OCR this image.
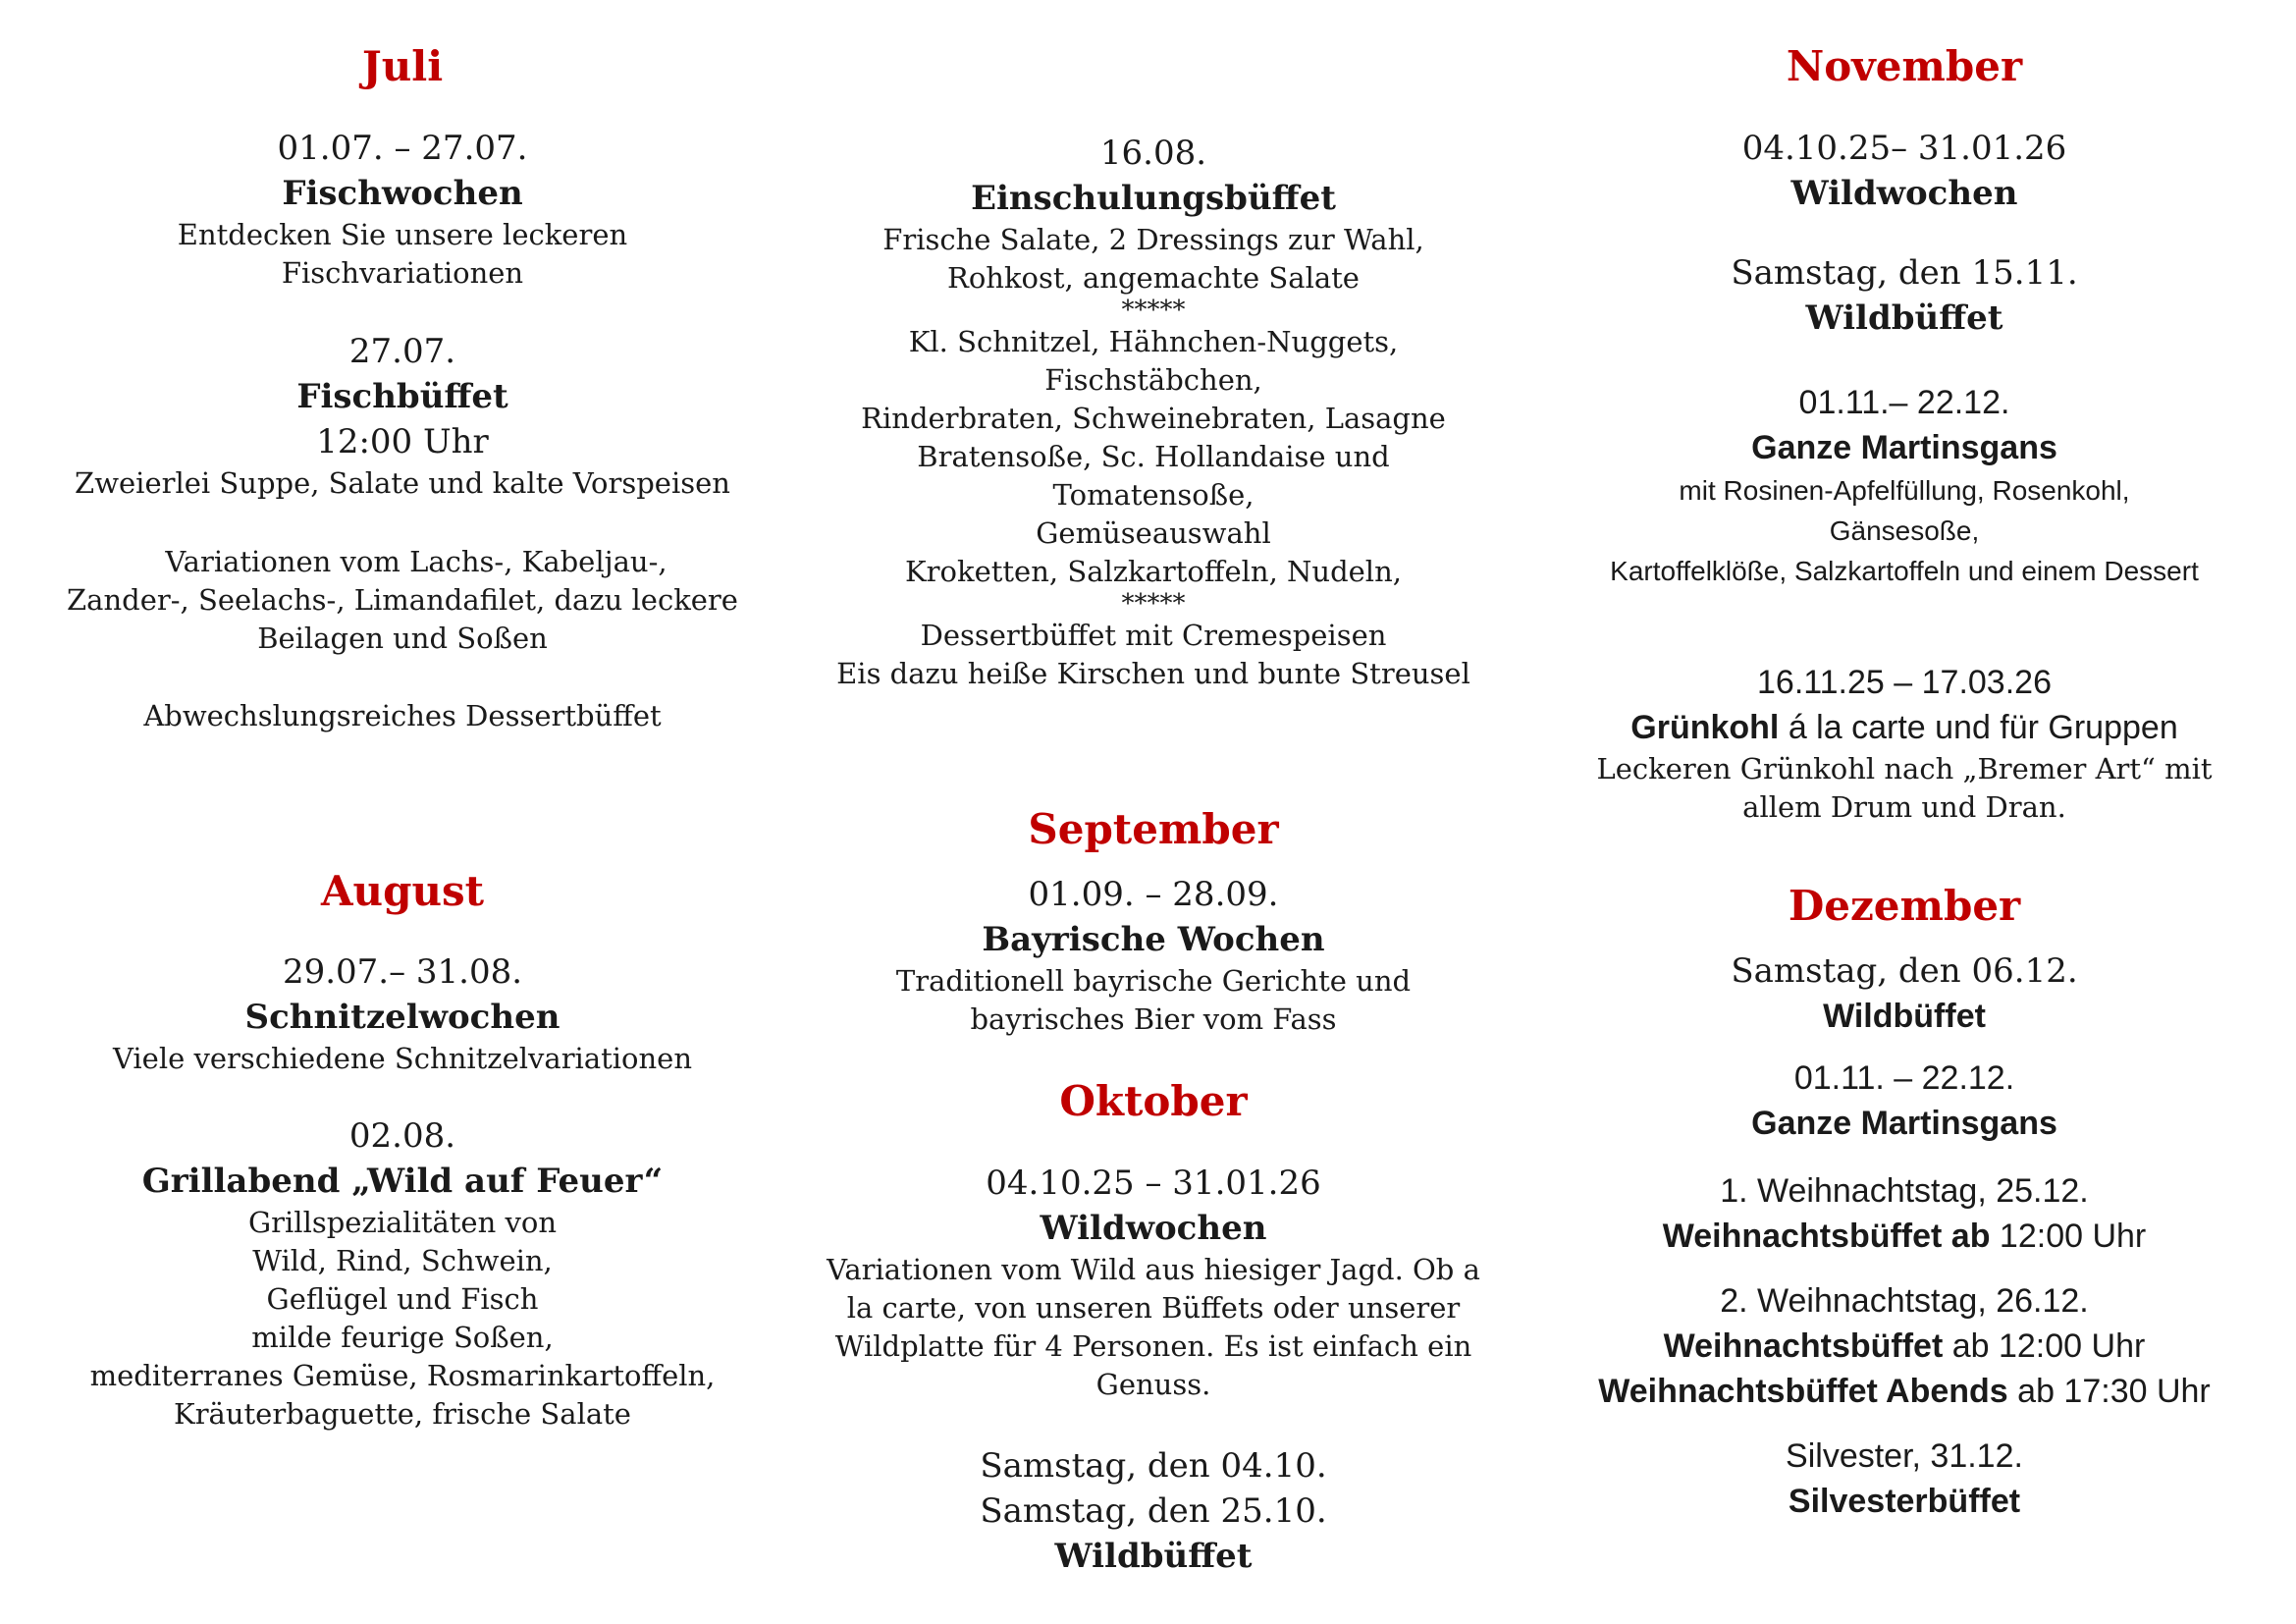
Juli
01.07. – 27.07.
Fischwochen
Entdecken Sie unsere leckeren
Fischvariationen
27.07.
Fischbüffet
12:00 Uhr
Zweierlei Suppe, Salate und kalte Vorspeisen
Variationen vom Lachs-, Kabeljau-,
Zander-, Seelachs-, Limandafilet, dazu leckere
Beilagen und Soßen
Abwechslungsreiches Dessertbüffet
August
29.07.– 31.08.
Schnitzelwochen
Viele verschiedene Schnitzelvariationen
02.08.
Grillabend „Wild auf Feuer“
Grillspezialitäten von
Wild, Rind, Schwein,
Geflügel und Fisch
milde feurige Soßen,
mediterranes Gemüse, Rosmarinkartoffeln,
Kräuterbaguette, frische Salate
16.08.
Einschulungsbüffet
Frische Salate, 2 Dressings zur Wahl,
Rohkost, angemachte Salate
*****
Kl. Schnitzel, Hähnchen-Nuggets,
Fischstäbchen,
Rinderbraten, Schweinebraten, Lasagne
Bratensoße, Sc. Hollandaise und
Tomatensoße,
Gemüseauswahl
Kroketten, Salzkartoffeln, Nudeln,
*****
Dessertbüffet mit Cremespeisen
Eis dazu heiße Kirschen und bunte Streusel
September
01.09. – 28.09.
Bayrische Wochen
Traditionell bayrische Gerichte und
bayrisches Bier vom Fass
Oktober
04.10.25 – 31.01.26
Wildwochen
Variationen vom Wild aus hiesiger Jagd. Ob a
la carte, von unseren Büffets oder unserer
Wildplatte für 4 Personen. Es ist einfach ein
Genuss.
Samstag, den 04.10.
Samstag, den 25.10.
Wildbüffet
November
04.10.25– 31.01.26
Wildwochen
Samstag, den 15.11.
Wildbüffet
01.11.– 22.12.
Ganze Martinsgans
mit Rosinen-Apfelfüllung, Rosenkohl,
Gänsesoße,
Kartoffelklöße, Salzkartoffeln und einem Dessert
16.11.25 – 17.03.26
Grünkohl á la carte und für Gruppen
Leckeren Grünkohl nach „Bremer Art“ mit
allem Drum und Dran.
Dezember
Samstag, den 06.12.
Wildbüffet
01.11. – 22.12.
Ganze Martinsgans
1. Weihnachtstag, 25.12.
Weihnachtsbüffet ab 12:00 Uhr
2. Weihnachtstag, 26.12.
Weihnachtsbüffet ab 12:00 Uhr
Weihnachtsbüffet Abends ab 17:30 Uhr
Silvester, 31.12.
Silvesterbüffet
